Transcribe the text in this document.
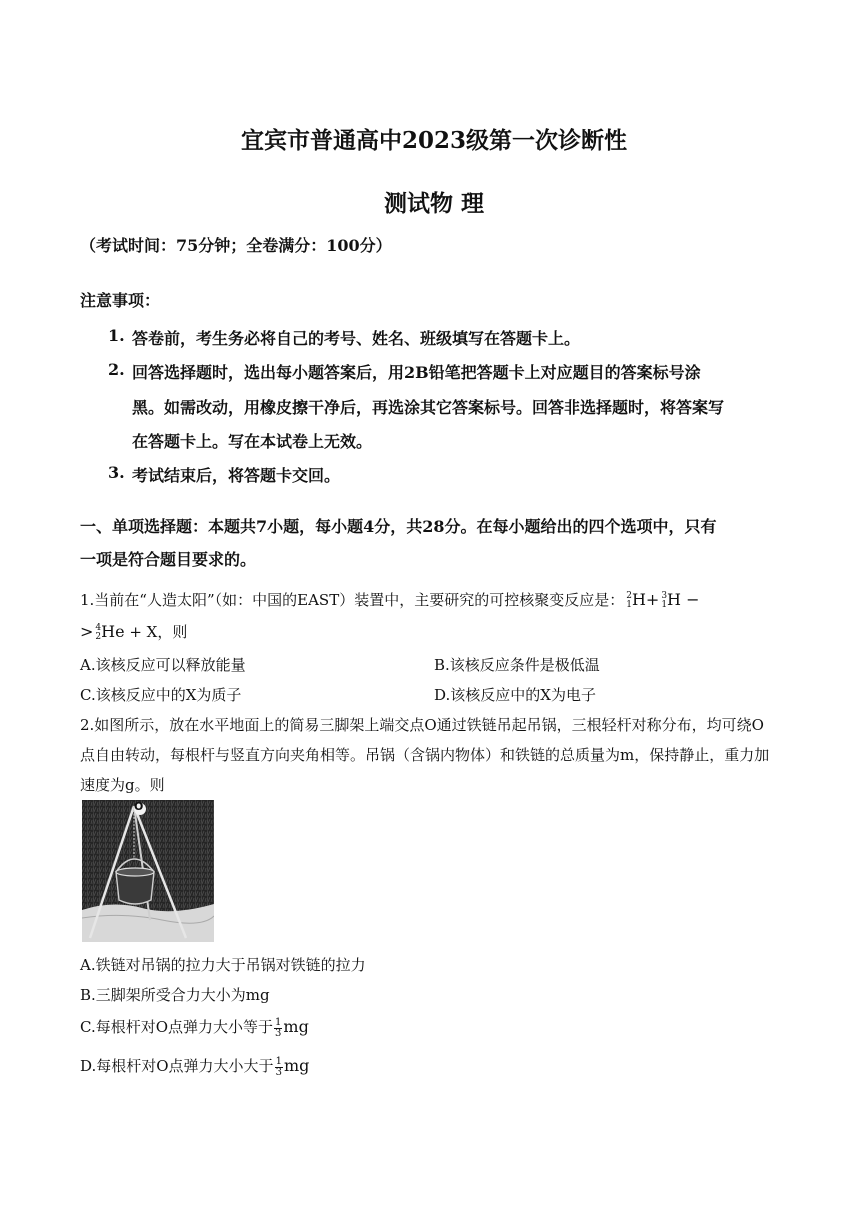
宜宾市普通高中2023级第一次诊断性
测试物 理
（考试时间：75分钟；全卷满分：100分）
注意事项：
1. 答卷前，考生务必将自己的考号、姓名、班级填写在答题卡上。
2. 回答选择题时，选出每小题答案后，用2B铅笔把答题卡上对应题目的答案标号涂
黑。如需改动，用橡皮擦干净后，再选涂其它答案标号。回答非选择题时，将答案写
在答题卡上。写在本试卷上无效。
3. 考试结束后，将答题卡交回。
一、单项选择题：本题共7小题，每小题4分，共28分。在每小题给出的四个选项中，只有
一项是符合题目要求的。
1.当前在“人造太阳”（如：中国的EAST）装置中，主要研究的可控核聚变反应是： 2
1 H+ 3
1 H −
> 4
2 He + X，则
A.该核反应可以释放能量	B.该核反应条件是极低温
C.该核反应中的X为质子	D.该核反应中的X为电子
2.如图所示，放在水平地面上的简易三脚架上端交点O通过铁链吊起吊锅，三根轻杆对称分布，均可绕O
点自由转动，每根杆与竖直方向夹角相等。吊锅（含锅内物体）和铁链的总质量为m，保持静止，重力加
速度为g。则
O
A.铁链对吊锅的拉力大于吊锅对铁链的拉力
B.三脚架所受合力大小为mg
C.每根杆对O点弹力大小等于 $\frac{1}{3}$ mg
D.每根杆对O点弹力大小大于 $\frac{1}{3}$ mg
